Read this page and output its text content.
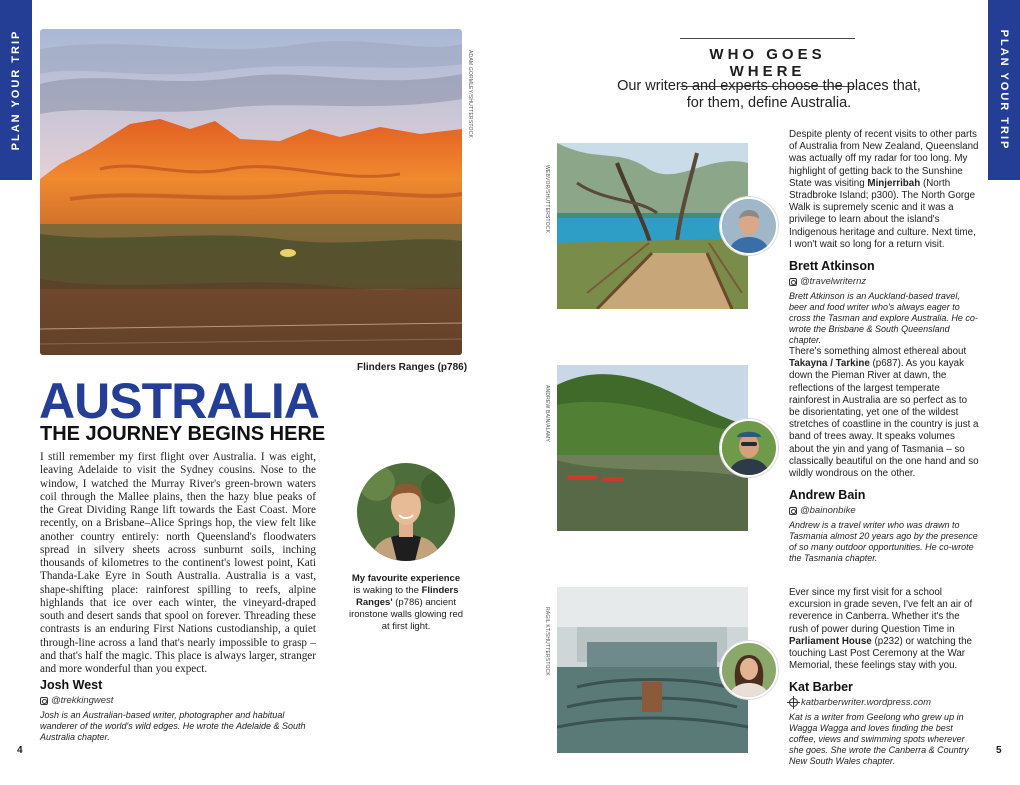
PLAN YOUR TRIP	PLAN YOUR TRIP
ADAM GORMLEY/SHUTTERSTOCK
Flinders Ranges (p786)
AUSTRALIA
THE JOURNEY BEGINS HERE
I still remember my first flight over Australia. I was eight, leaving Adelaide to visit the Sydney cousins. Nose to the window, I watched the Murray River's green-brown waters coil through the Mallee plains, then the hazy blue peaks of the Great Dividing Range lift towards the East Coast. More recently, on a Brisbane–Alice Springs hop, the view felt like another country entirely: north Queensland's floodwaters spread in silvery sheets across sunburnt soils, inching thousands of kilometres to the continent's lowest point, Kati Thanda-Lake Eyre in South Australia. Australia is a vast, shape-shifting place: rainforest spilling to reefs, alpine highlands that ice over each winter, the vineyard-draped south and desert sands that spool on forever. Threading these contrasts is an enduring First Nations custodianship, a quiet through-line across a land that's nearly impossible to grasp – and that's half the magic. This place is always larger, stranger and more wonderful than you expect.
Josh West
@trekkingwest
Josh is an Australian-based writer, photographer and habitual wanderer of the world's wild edges. He wrote the Adelaide & South Australia chapter.
My favourite experience
is waking to the Flinders Ranges' (p786) ancient ironstone walls glowing red at first light.
4
WHO GOES WHERE
Our writers and experts choose the places that, for them, define Australia.
WEBVOR/SHUTTERSTOCK
Despite plenty of recent visits to other parts of Australia from New Zealand, Queensland was actually off my radar for too long. My highlight of getting back to the Sunshine State was visiting Minjerribah (North Stradbroke Island; p300). The North Gorge Walk is supremely scenic and it was a privilege to learn about the island's Indigenous heritage and culture. Next time, I won't wait so long for a return visit.
Brett Atkinson
@travelwriternz
Brett Atkinson is an Auckland-based travel, beer and food writer who's always eager to cross the Tasman and explore Australia. He co-wrote the Brisbane & South Queensland chapter.
ANDREW BAIN/ALAMY
There's something almost ethereal about Takayna / Tarkine (p687). As you kayak down the Pieman River at dawn, the reflections of the largest temperate rainforest in Australia are so perfect as to be disorientating, yet one of the wildest stretches of coastline in the country is just a band of trees away. It speaks volumes about the yin and yang of Tasmania – so classically beautiful on the one hand and so wildly wondrous on the other.
Andrew Bain
@bainonbike
Andrew is a travel writer who was drawn to Tasmania almost 20 years ago by the presence of so many outdoor opportunities. He co-wrote the Tasmania chapter.
RAGIL KT/SHUTTERSTOCK
Ever since my first visit for a school excursion in grade seven, I've felt an air of reverence in Canberra. Whether it's the rush of power during Question Time in Parliament House (p232) or watching the touching Last Post Ceremony at the War Memorial, these feelings stay with you.
Kat Barber
katbarberwriter.wordpress.com
Kat is a writer from Geelong who grew up in Wagga Wagga and loves finding the best coffee, views and swimming spots wherever she goes. She wrote the Canberra & Country New South Wales chapter.
5
